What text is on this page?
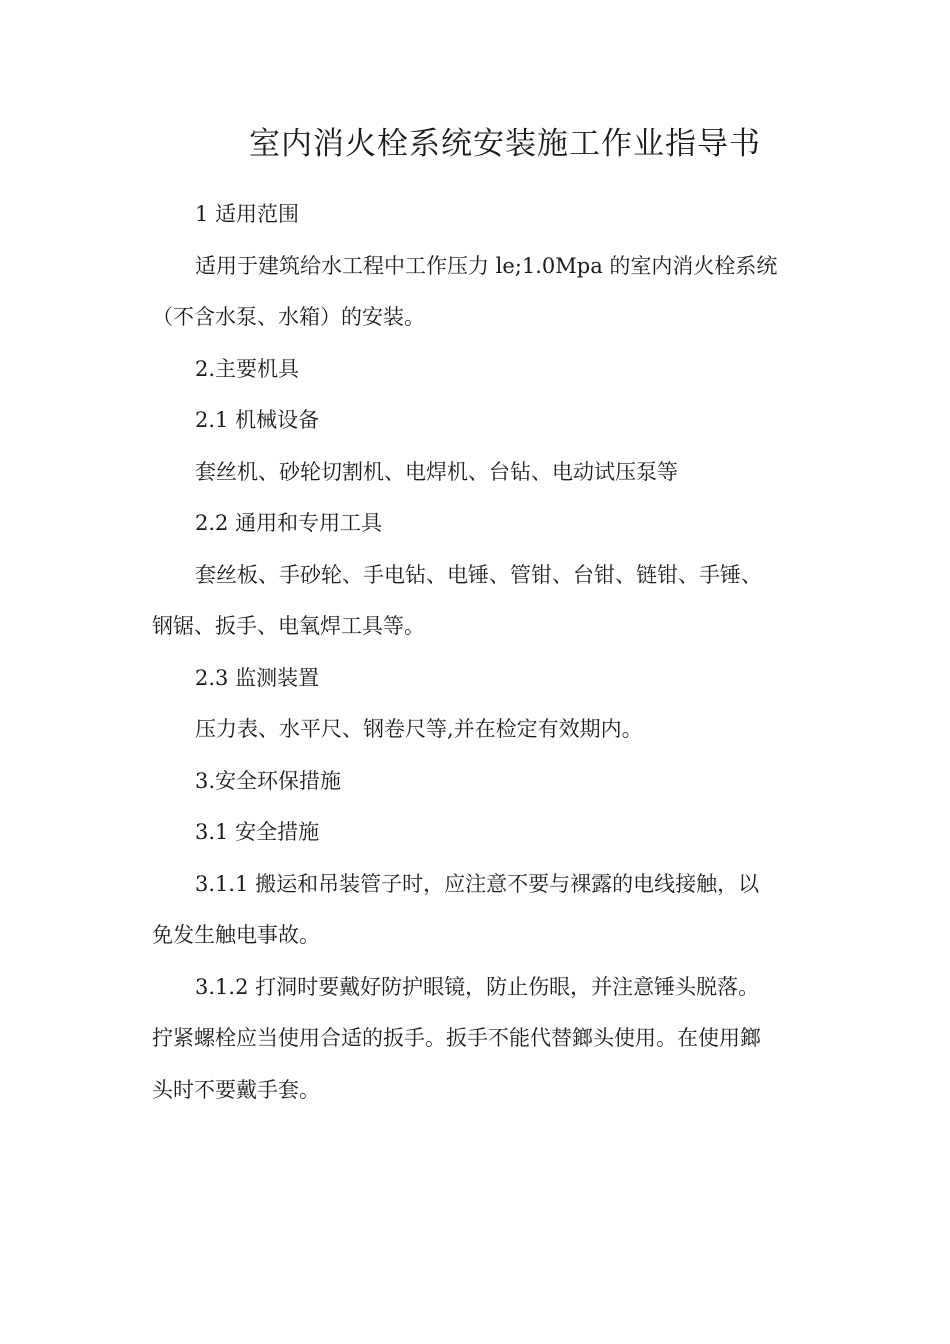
室内消火栓系统安装施工作业指导书

1 适用范围

适用于建筑给水工程中工作压力 le;1.0Mpa 的室内消火栓系统

（不含水泵、水箱）的安装。

2.主要机具

2.1 机械设备

套丝机、砂轮切割机、电焊机、台钻、电动试压泵等

2.2 通用和专用工具

套丝板、手砂轮、手电钻、电锤、管钳、台钳、链钳、手锤、

钢锯、扳手、电氧焊工具等。

2.3 监测装置

压力表、水平尺、钢卷尺等,并在检定有效期内。

3.安全环保措施

3.1 安全措施

3.1.1 搬运和吊装管子时，应注意不要与裸露的电线接触，以

免发生触电事故。

3.1.2 打洞时要戴好防护眼镜，防止伤眼，并注意锤头脱落。

拧紧螺栓应当使用合适的扳手。扳手不能代替鎯头使用。在使用鎯

头时不要戴手套。
